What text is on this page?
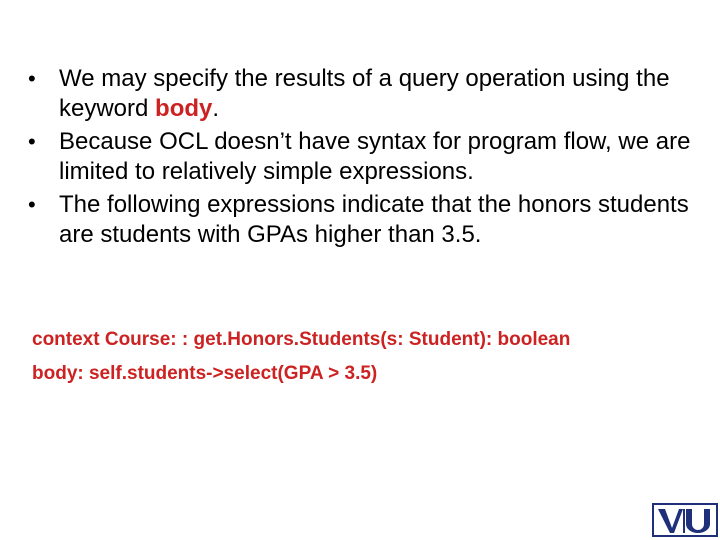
• We may specify the results of a query operation using the keyword body.
• Because OCL doesn’t have syntax for program flow, we are limited to relatively simple expressions.
• The following expressions indicate that the honors students are students with GPAs higher than 3.5.
context Course: : get.Honors.Students(s: Student): boolean
body: self.students->select(GPA > 3.5)
